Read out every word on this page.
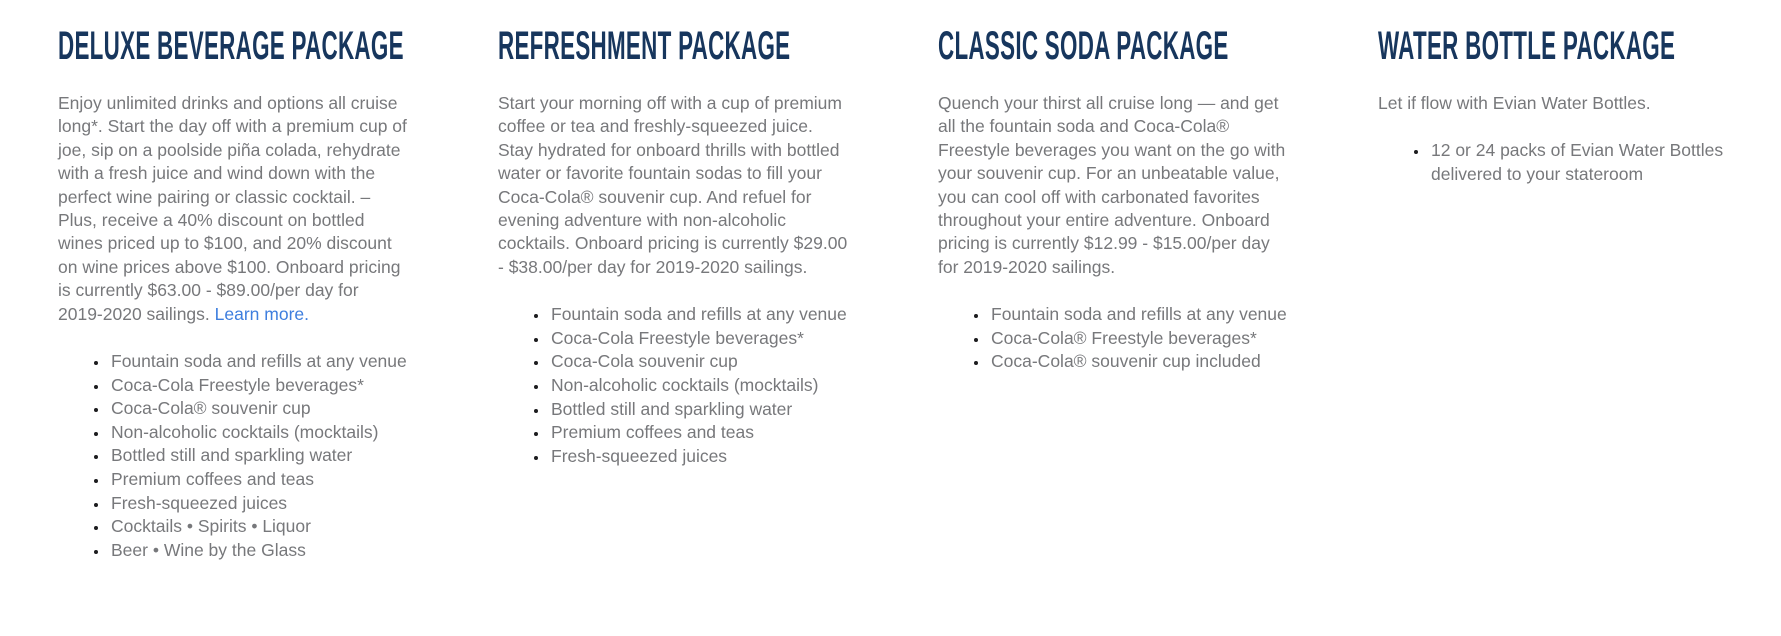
DELUXE BEVERAGE PACKAGE

Enjoy unlimited drinks and options all cruise long*. Start the day off with a premium cup of joe, sip on a poolside piña colada, rehydrate with a fresh juice and wind down with the perfect wine pairing or classic cocktail. – Plus, receive a 40% discount on bottled wines priced up to $100, and 20% discount on wine prices above $100. Onboard pricing is currently $63.00 - $89.00/per day for 2019-2020 sailings. Learn more.

• Fountain soda and refills at any venue
• Coca-Cola Freestyle beverages*
• Coca-Cola® souvenir cup
• Non-alcoholic cocktails (mocktails)
• Bottled still and sparkling water
• Premium coffees and teas
• Fresh-squeezed juices
• Cocktails • Spirits • Liquor
• Beer • Wine by the Glass
REFRESHMENT PACKAGE

Start your morning off with a cup of premium coffee or tea and freshly-squeezed juice. Stay hydrated for onboard thrills with bottled water or favorite fountain sodas to fill your Coca-Cola® souvenir cup. And refuel for evening adventure with non-alcoholic cocktails. Onboard pricing is currently $29.00 - $38.00/per day for 2019-2020 sailings.

• Fountain soda and refills at any venue
• Coca-Cola Freestyle beverages*
• Coca-Cola souvenir cup
• Non-alcoholic cocktails (mocktails)
• Bottled still and sparkling water
• Premium coffees and teas
• Fresh-squeezed juices
CLASSIC SODA PACKAGE

Quench your thirst all cruise long — and get all the fountain soda and Coca-Cola® Freestyle beverages you want on the go with your souvenir cup. For an unbeatable value, you can cool off with carbonated favorites throughout your entire adventure. Onboard pricing is currently $12.99 - $15.00/per day for 2019-2020 sailings.

• Fountain soda and refills at any venue
• Coca-Cola® Freestyle beverages*
• Coca-Cola® souvenir cup included
WATER BOTTLE PACKAGE

Let if flow with Evian Water Bottles.

• 12 or 24 packs of Evian Water Bottles delivered to your stateroom
